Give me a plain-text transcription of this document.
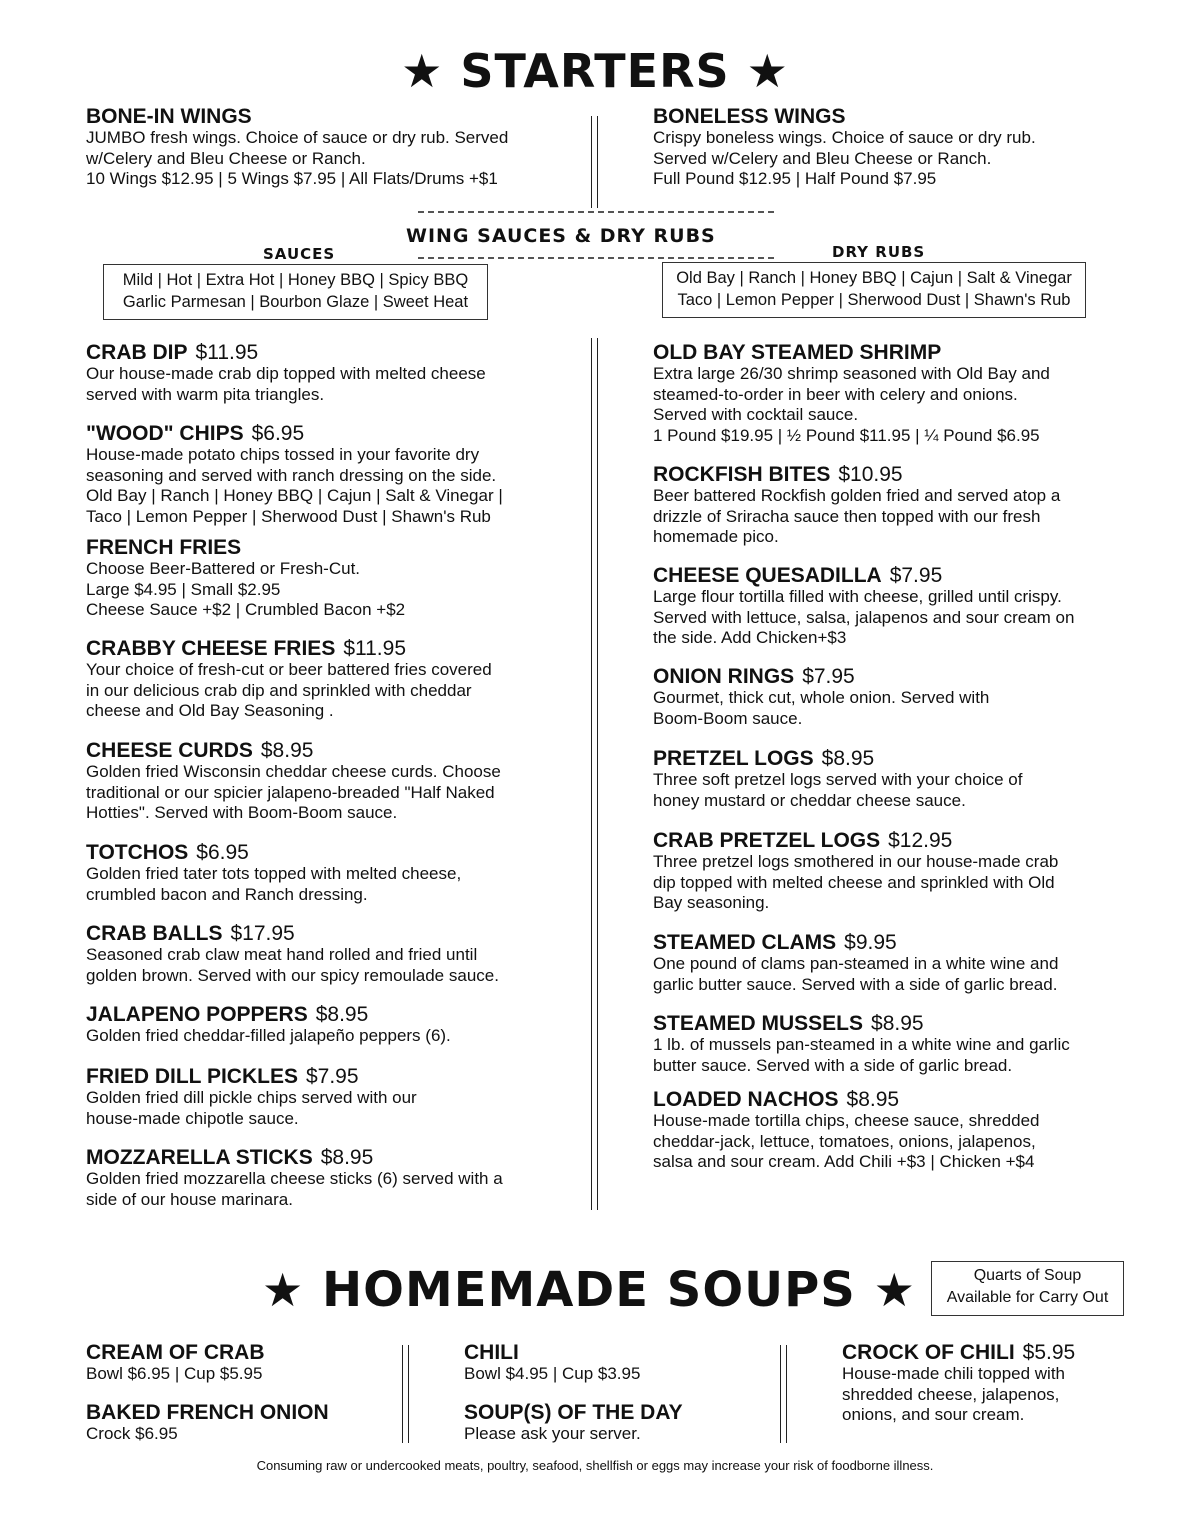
★ STARTERS ★
BONE-IN WINGS
JUMBO fresh wings. Choice of sauce or dry rub. Served
w/Celery and Bleu Cheese or Ranch.
10 Wings $12.95 | 5 Wings $7.95 | All Flats/Drums +$1
BONELESS WINGS
Crispy boneless wings. Choice of sauce or dry rub.
Served w/Celery and Bleu Cheese or Ranch.
Full Pound $12.95 | Half Pound $7.95
WING SAUCES & DRY RUBS
SAUCES
Mild | Hot | Extra Hot | Honey BBQ | Spicy BBQ
Garlic Parmesan | Bourbon Glaze | Sweet Heat
DRY RUBS
Old Bay | Ranch | Honey BBQ | Cajun | Salt & Vinegar
Taco | Lemon Pepper | Sherwood Dust | Shawn's Rub
CRAB DIP $11.95
Our house-made crab dip topped with melted cheese
served with warm pita triangles.
"WOOD" CHIPS $6.95
House-made potato chips tossed in your favorite dry
seasoning and served with ranch dressing on the side.
Old Bay | Ranch | Honey BBQ | Cajun | Salt & Vinegar |
Taco | Lemon Pepper | Sherwood Dust | Shawn's Rub
FRENCH FRIES
Choose Beer-Battered or Fresh-Cut.
Large $4.95 | Small $2.95
Cheese Sauce +$2 | Crumbled Bacon +$2
CRABBY CHEESE FRIES $11.95
Your choice of fresh-cut or beer battered fries covered
in our delicious crab dip and sprinkled with cheddar
cheese and Old Bay Seasoning .
CHEESE CURDS $8.95
Golden fried Wisconsin cheddar cheese curds. Choose
traditional or our spicier jalapeno-breaded "Half Naked
Hotties". Served with Boom-Boom sauce.
TOTCHOS $6.95
Golden fried tater tots topped with melted cheese,
crumbled bacon and Ranch dressing.
CRAB BALLS $17.95
Seasoned crab claw meat hand rolled and fried until
golden brown. Served with our spicy remoulade sauce.
JALAPENO POPPERS $8.95
Golden fried cheddar-filled jalapeño peppers (6).
FRIED DILL PICKLES $7.95
Golden fried dill pickle chips served with our
house-made chipotle sauce.
MOZZARELLA STICKS $8.95
Golden fried mozzarella cheese sticks (6) served with a
side of our house marinara.
OLD BAY STEAMED SHRIMP
Extra large 26/30 shrimp seasoned with Old Bay and
steamed-to-order in beer with celery and onions.
Served with cocktail sauce.
1 Pound $19.95 | ½ Pound $11.95 | ¼ Pound $6.95
ROCKFISH BITES $10.95
Beer battered Rockfish golden fried and served atop a
drizzle of Sriracha sauce then topped with our fresh
homemade pico.
CHEESE QUESADILLA $7.95
Large flour tortilla filled with cheese, grilled until crispy.
Served with lettuce, salsa, jalapenos and sour cream on
the side. Add Chicken+$3
ONION RINGS $7.95
Gourmet, thick cut, whole onion. Served with
Boom-Boom sauce.
PRETZEL LOGS $8.95
Three soft pretzel logs served with your choice of
honey mustard or cheddar cheese sauce.
CRAB PRETZEL LOGS $12.95
Three pretzel logs smothered in our house-made crab
dip topped with melted cheese and sprinkled with Old
Bay seasoning.
STEAMED CLAMS $9.95
One pound of clams pan-steamed in a white wine and
garlic butter sauce. Served with a side of garlic bread.
STEAMED MUSSELS $8.95
1 lb. of mussels pan-steamed in a white wine and garlic
butter sauce. Served with a side of garlic bread.
LOADED NACHOS $8.95
House-made tortilla chips, cheese sauce, shredded
cheddar-jack, lettuce, tomatoes, onions, jalapenos,
salsa and sour cream. Add Chili +$3 | Chicken +$4
★ HOMEMADE SOUPS ★	Quarts of Soup
Available for Carry Out
CREAM OF CRAB
Bowl $6.95 | Cup $5.95
BAKED FRENCH ONION
Crock $6.95
CHILI
Bowl $4.95 | Cup $3.95
SOUP(S) OF THE DAY
Please ask your server.
CROCK OF CHILI $5.95
House-made chili topped with
shredded cheese, jalapenos,
onions, and sour cream.
Consuming raw or undercooked meats, poultry, seafood, shellfish or eggs may increase your risk of foodborne illness.
